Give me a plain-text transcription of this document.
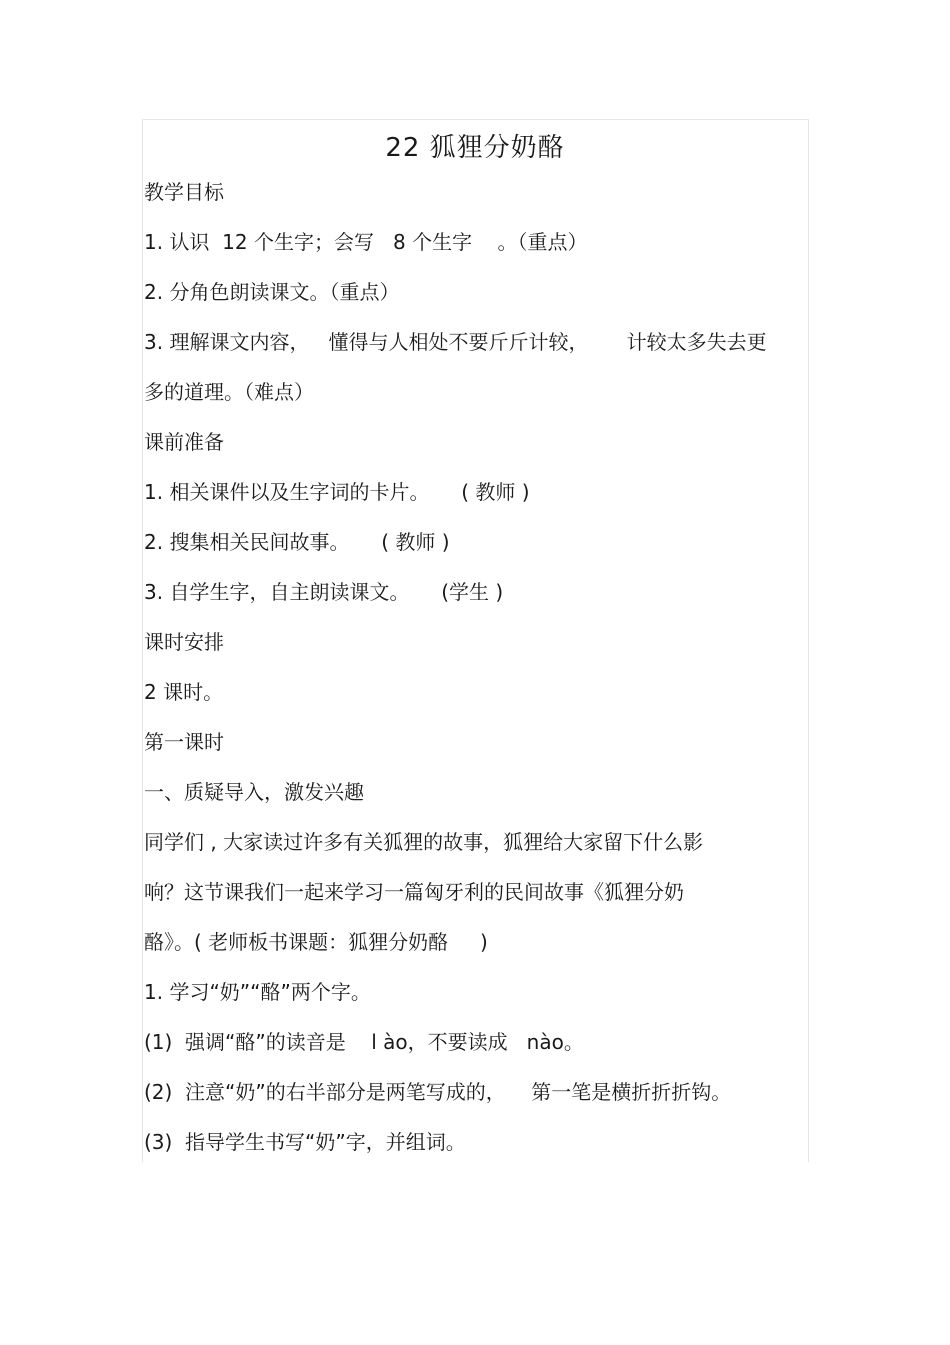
22 狐狸分奶酪
教学目标
1. 认识  12 个生字；会写   8 个生字    。（重点）
2. 分角色朗读课文。（重点）
3. 理解课文内容，   懂得与人相处不要斤斤计较，      计较太多失去更
多的道理。（难点）
课前准备
1. 相关课件以及生字词的卡片。     ( 教师 )
2. 搜集相关民间故事。     ( 教师 )
3. 自学生字，自主朗读课文。     (学生 )
课时安排
2 课时。
第一课时
一、质疑导入，激发兴趣
同学们 , 大家读过许多有关狐狸的故事，狐狸给大家留下什么影
响？这节课我们一起来学习一篇匈牙利的民间故事《狐狸分奶
酪》。( 老师板书课题：狐狸分奶酪     )
1. 学习“奶”“酪”两个字。
(1)  强调“酪”的读音是    l ào，不要读成   nào。
(2)  注意“奶”的右半部分是两笔写成的，    第一笔是横折折折钩。
(3)  指导学生书写“奶”字，并组词。
